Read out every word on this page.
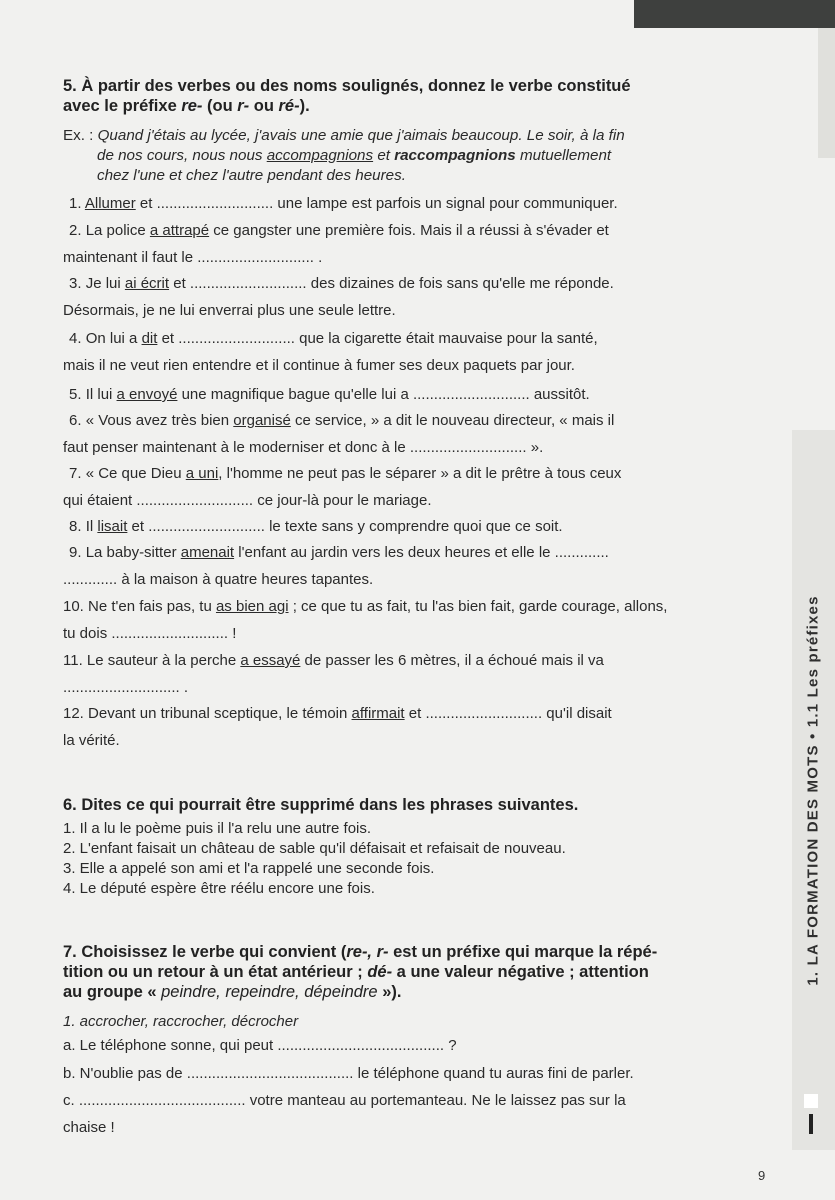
1. LA FORMATION DES MOTS • 1.1 Les préfixes
5. À partir des verbes ou des noms soulignés, donnez le verbe constitué
avec le préfixe re- (ou r- ou ré-).
Ex. : Quand j'étais au lycée, j'avais une amie que j'aimais beaucoup. Le soir, à la fin
de nos cours, nous nous accompagnions et raccompagnions mutuellement
chez l'une et chez l'autre pendant des heures.
1. Allumer et ............................ une lampe est parfois un signal pour communiquer.
2. La police a attrapé ce gangster une première fois. Mais il a réussi à s'évader et
maintenant il faut le ............................ .
3. Je lui ai écrit et ............................ des dizaines de fois sans qu'elle me réponde.
Désormais, je ne lui enverrai plus une seule lettre.
4. On lui a dit et ............................ que la cigarette était mauvaise pour la santé,
mais il ne veut rien entendre et il continue à fumer ses deux paquets par jour.
5. Il lui a envoyé une magnifique bague qu'elle lui a ............................ aussitôt.
6. « Vous avez très bien organisé ce service, » a dit le nouveau directeur, « mais il
faut penser maintenant à le moderniser et donc à le ............................ ».
7. « Ce que Dieu a uni, l'homme ne peut pas le séparer » a dit le prêtre à tous ceux
qui étaient ............................ ce jour-là pour le mariage.
8. Il lisait et ............................ le texte sans y comprendre quoi que ce soit.
9. La baby-sitter amenait l'enfant au jardin vers les deux heures et elle le .............
............. à la maison à quatre heures tapantes.
10. Ne t'en fais pas, tu as bien agi ; ce que tu as fait, tu l'as bien fait, garde courage, allons,
tu dois ............................ !
11. Le sauteur à la perche a essayé de passer les 6 mètres, il a échoué mais il va
............................ .
12. Devant un tribunal sceptique, le témoin affirmait et ............................ qu'il disait
la vérité.
6. Dites ce qui pourrait être supprimé dans les phrases suivantes.
1. Il a lu le poème puis il l'a relu une autre fois.
2. L'enfant faisait un château de sable qu'il défaisait et refaisait de nouveau.
3. Elle a appelé son ami et l'a rappelé une seconde fois.
4. Le député espère être réélu encore une fois.
7. Choisissez le verbe qui convient (re-, r- est un préfixe qui marque la répé-
tition ou un retour à un état antérieur ; dé- a une valeur négative ; attention
au groupe « peindre, repeindre, dépeindre »).
1. accrocher, raccrocher, décrocher
a. Le téléphone sonne, qui peut ........................................ ?
b. N'oublie pas de ........................................ le téléphone quand tu auras fini de parler.
c. ........................................ votre manteau au portemanteau. Ne le laissez pas sur la
chaise !
9
